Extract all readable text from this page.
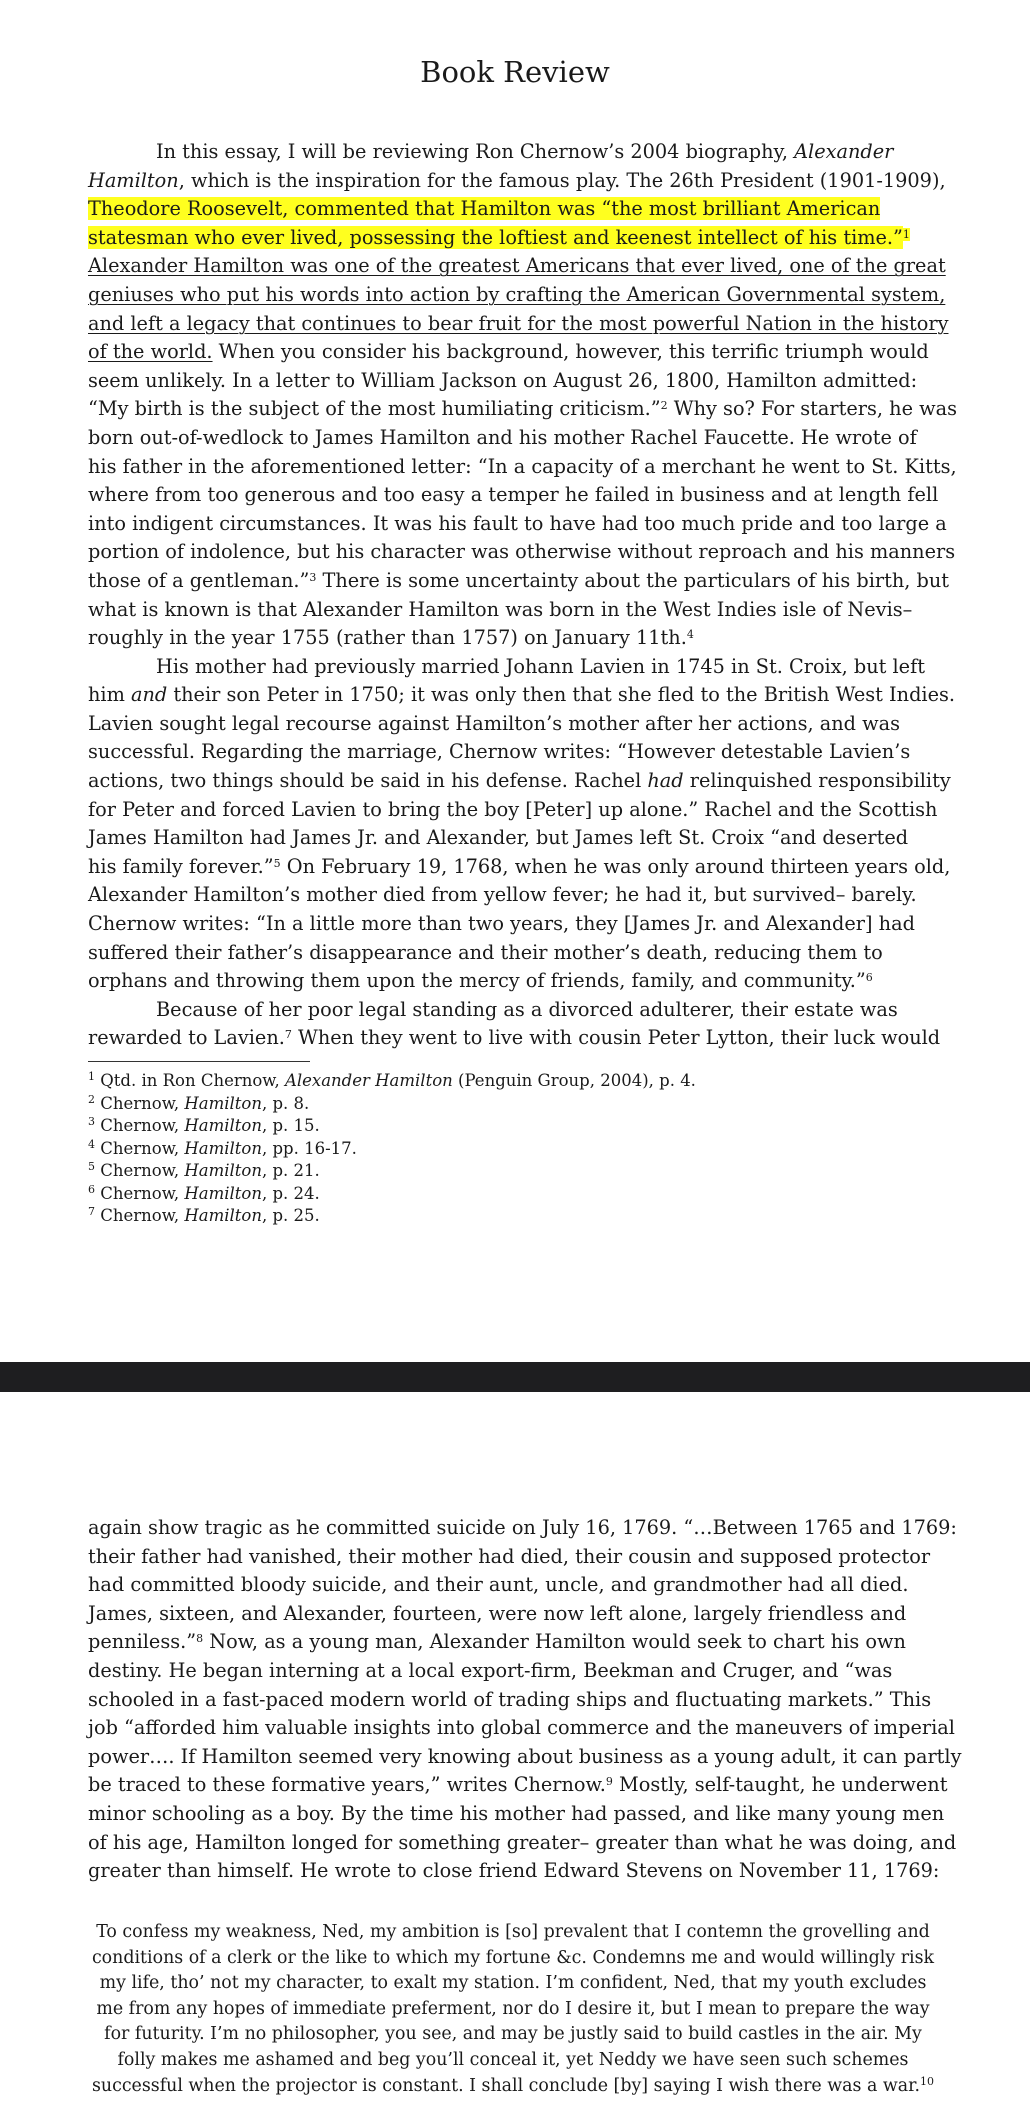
Book Review
In this essay, I will be reviewing Ron Chernow’s 2004 biography, Alexander
Hamilton, which is the inspiration for the famous play. The 26th President (1901-1909),
Theodore Roosevelt, commented that Hamilton was “the most brilliant American
statesman who ever lived, possessing the loftiest and keenest intellect of his time.”$^1$
Alexander Hamilton was one of the greatest Americans that ever lived, one of the great
geniuses who put his words into action by crafting the American Governmental system,
and left a legacy that continues to bear fruit for the most powerful Nation in the history
of the world. When you consider his background, however, this terrific triumph would
seem unlikely. In a letter to William Jackson on August 26, 1800, Hamilton admitted:
“My birth is the subject of the most humiliating criticism.”$^2$ Why so? For starters, he was
born out-of-wedlock to James Hamilton and his mother Rachel Faucette. He wrote of
his father in the aforementioned letter: “In a capacity of a merchant he went to St. Kitts,
where from too generous and too easy a temper he failed in business and at length fell
into indigent circumstances. It was his fault to have had too much pride and too large a
portion of indolence, but his character was otherwise without reproach and his manners
those of a gentleman.”$^3$ There is some uncertainty about the particulars of his birth, but
what is known is that Alexander Hamilton was born in the West Indies isle of Nevis–
roughly in the year 1755 (rather than 1757) on January 11th.$^4$
His mother had previously married Johann Lavien in 1745 in St. Croix, but left
him and their son Peter in 1750; it was only then that she fled to the British West Indies.
Lavien sought legal recourse against Hamilton’s mother after her actions, and was
successful. Regarding the marriage, Chernow writes: “However detestable Lavien’s
actions, two things should be said in his defense. Rachel had relinquished responsibility
for Peter and forced Lavien to bring the boy [Peter] up alone.” Rachel and the Scottish
James Hamilton had James Jr. and Alexander, but James left St. Croix “and deserted
his family forever.”$^5$ On February 19, 1768, when he was only around thirteen years old,
Alexander Hamilton’s mother died from yellow fever; he had it, but survived– barely.
Chernow writes: “In a little more than two years, they [James Jr. and Alexander] had
suffered their father’s disappearance and their mother’s death, reducing them to
orphans and throwing them upon the mercy of friends, family, and community.”$^6$
Because of her poor legal standing as a divorced adulterer, their estate was
rewarded to Lavien.$^7$ When they went to live with cousin Peter Lytton, their luck would
$^1$ Qtd. in Ron Chernow, Alexander Hamilton (Penguin Group, 2004), p. 4.
$^2$ Chernow, Hamilton, p. 8.
$^3$ Chernow, Hamilton, p. 15.
$^4$ Chernow, Hamilton, pp. 16-17.
$^5$ Chernow, Hamilton, p. 21.
$^6$ Chernow, Hamilton, p. 24.
$^7$ Chernow, Hamilton, p. 25.
again show tragic as he committed suicide on July 16, 1769. “…Between 1765 and 1769:
their father had vanished, their mother had died, their cousin and supposed protector
had committed bloody suicide, and their aunt, uncle, and grandmother had all died.
James, sixteen, and Alexander, fourteen, were now left alone, largely friendless and
penniless.”$^8$ Now, as a young man, Alexander Hamilton would seek to chart his own
destiny. He began interning at a local export-firm, Beekman and Cruger, and “was
schooled in a fast-paced modern world of trading ships and fluctuating markets.” This
job “afforded him valuable insights into global commerce and the maneuvers of imperial
power…. If Hamilton seemed very knowing about business as a young adult, it can partly
be traced to these formative years,” writes Chernow.$^9$ Mostly, self-taught, he underwent
minor schooling as a boy. By the time his mother had passed, and like many young men
of his age, Hamilton longed for something greater– greater than what he was doing, and
greater than himself. He wrote to close friend Edward Stevens on November 11, 1769:
To confess my weakness, Ned, my ambition is [so] prevalent that I contemn the grovelling and
conditions of a clerk or the like to which my fortune &c. Condemns me and would willingly risk
my life, tho’ not my character, to exalt my station. I’m confident, Ned, that my youth excludes
me from any hopes of immediate preferment, nor do I desire it, but I mean to prepare the way
for futurity. I’m no philosopher, you see, and may be justly said to build castles in the air. My
folly makes me ashamed and beg you’ll conceal it, yet Neddy we have seen such schemes
successful when the projector is constant. I shall conclude [by] saying I wish there was a war.$^{10}$
